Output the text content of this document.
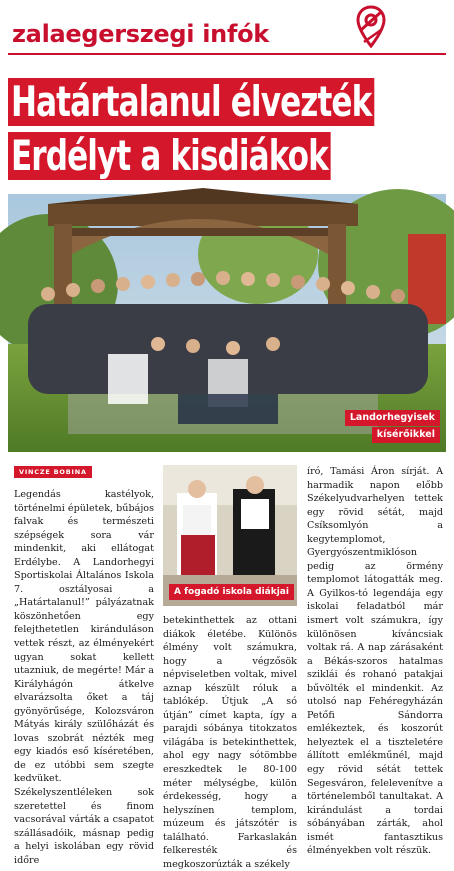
zalaegerszegi infók
Határtalanul élvezték
Erdélyt a kisdiákok
Landorhegyisek
kísérőikkel
VINCZE BOBINA

Legendás kastélyok, történelmi épületek, bűbájos falvak és természeti szépségek sora vár mindenkit, aki ellátogat Erdélybe. A Landorhegyi Sportiskolai Általános Iskola 7. osztályosai a „Határtalanul!” pályázatnak köszönhetően egy felejthetetlen kiránduláson vettek részt, az élményekért ugyan sokat kellett utazniuk, de megérte! Már a Királyhágón átkelve elvarázsolta őket a táj gyönyörűsége, Kolozsváron Mátyás király szülőházát és lovas szobrát nézték meg egy kiadós eső kíséretében, de ez utóbbi sem szegte kedvüket. Székelyszentléleken sok szeretettel és finom vacsorával várták a csapatot szállásadóik, másnap pedig a helyi iskolában egy rövid időre

A fogadó iskola diákjai

betekinthettek az ottani diákok életébe. Különös élmény volt számukra, hogy a végzősök népviseletben voltak, mivel aznap készült róluk a tablókép. Útjuk „A só útján” címet kapta, így a parajdi sóbánya titokzatos világába is betekinthettek, ahol egy nagy sótömbbe ereszkedtek le 80-100 méter mélységbe, külön érdekesség, hogy a helyszínen templom, múzeum és játszótér is található. Farkaslakán felkeresték és megkoszorúzták a székely

író, Tamási Áron sírját. A harmadik napon előbb Székelyudvarhelyen tettek egy rövid sétát, majd Csíksomlyón a kegytemplomot, Gyergyószentmiklóson pedig az örmény templomot látogatták meg. A Gyilkos-tó legendája egy iskolai feladatból már ismert volt számukra, így különösen kíváncsiak voltak rá. A nap zárásaként a Békás-szoros hatalmas sziklái és rohanó patakjai bűvölték el mindenkit. Az utolsó nap Fehéregyházán Petőfi Sándorra emlékeztek, és koszorút helyeztek el a tiszteletére állított emlékműnél, majd egy rövid sétát tettek Segesváron, felelevenítve a történelemből tanultakat. A kirándulást a tordai sóbányában zárták, ahol ismét fantasztikus élményekben volt részük.
